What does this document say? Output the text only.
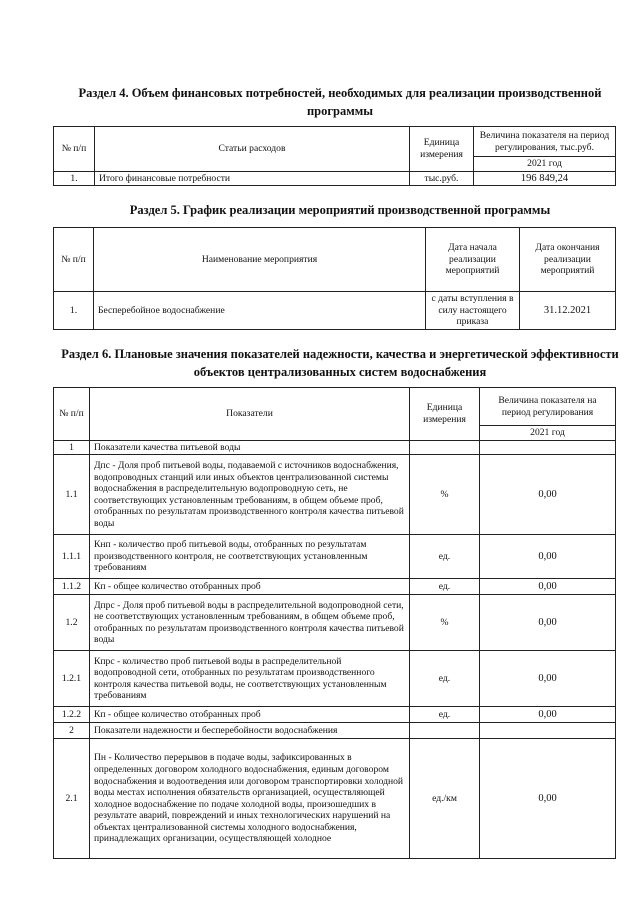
Раздел 4. Объем финансовых потребностей, необходимых для реализации производственной программы
№ п/п	Статьи расходов	Единица измерения	Величина показателя на период регулирования, тыс.руб.
			2021 год
1.	Итого финансовые потребности	тыс.руб.	196 849,24
Раздел 5. График реализации мероприятий производственной программы
№ п/п	Наименование мероприятия	Дата начала реализации мероприятий	Дата окончания реализации мероприятий
1.	Бесперебойное водоснабжение	с даты вступления в силу настоящего приказа	31.12.2021
Раздел 6. Плановые значения показателей надежности, качества и энергетической эффективности объектов централизованных систем водоснабжения
№ п/п	Показатели	Единица измерения	Величина показателя на период регулирования
			2021 год
1	Показатели качества питьевой воды		
1.1	Дпс - Доля проб питьевой воды, подаваемой с источников водоснабжения, водопроводных станций или иных объектов централизованной системы водоснабжения в распределительную водопроводную сеть, не соответствующих установленным требованиям, в общем объеме проб, отобранных по результатам производственного контроля качества питьевой воды	%	0,00
1.1.1	Кнп - количество проб питьевой воды, отобранных по результатам производственного контроля, не соответствующих установленным требованиям	ед.	0,00
1.1.2	Кп - общее количество отобранных проб	ед.	0,00
1.2	Дпрс - Доля проб питьевой воды в распределительной водопроводной сети, не соответствующих установленным требованиям, в общем объеме проб, отобранных по результатам производственного контроля качества питьевой воды	%	0,00
1.2.1	Кпрс - количество проб питьевой воды в распределительной водопроводной сети, отобранных по результатам производственного контроля качества питьевой воды, не соответствующих установленным требованиям	ед.	0,00
1.2.2	Кп - общее количество отобранных проб	ед.	0,00
2	Показатели надежности и бесперебойности водоснабжения		
2.1	Пн - Количество перерывов в подаче воды, зафиксированных в определенных договором холодного водоснабжения, единым договором водоснабжения и водоотведения или договором транспортировки холодной воды местах исполнения обязательств организацией, осуществляющей холодное водоснабжение по подаче холодной воды, произошедших в результате аварий, повреждений и иных технологических нарушений на объектах централизованной системы холодного водоснабжения, принадлежащих организации, осуществляющей холодное	ед./км	0,00
